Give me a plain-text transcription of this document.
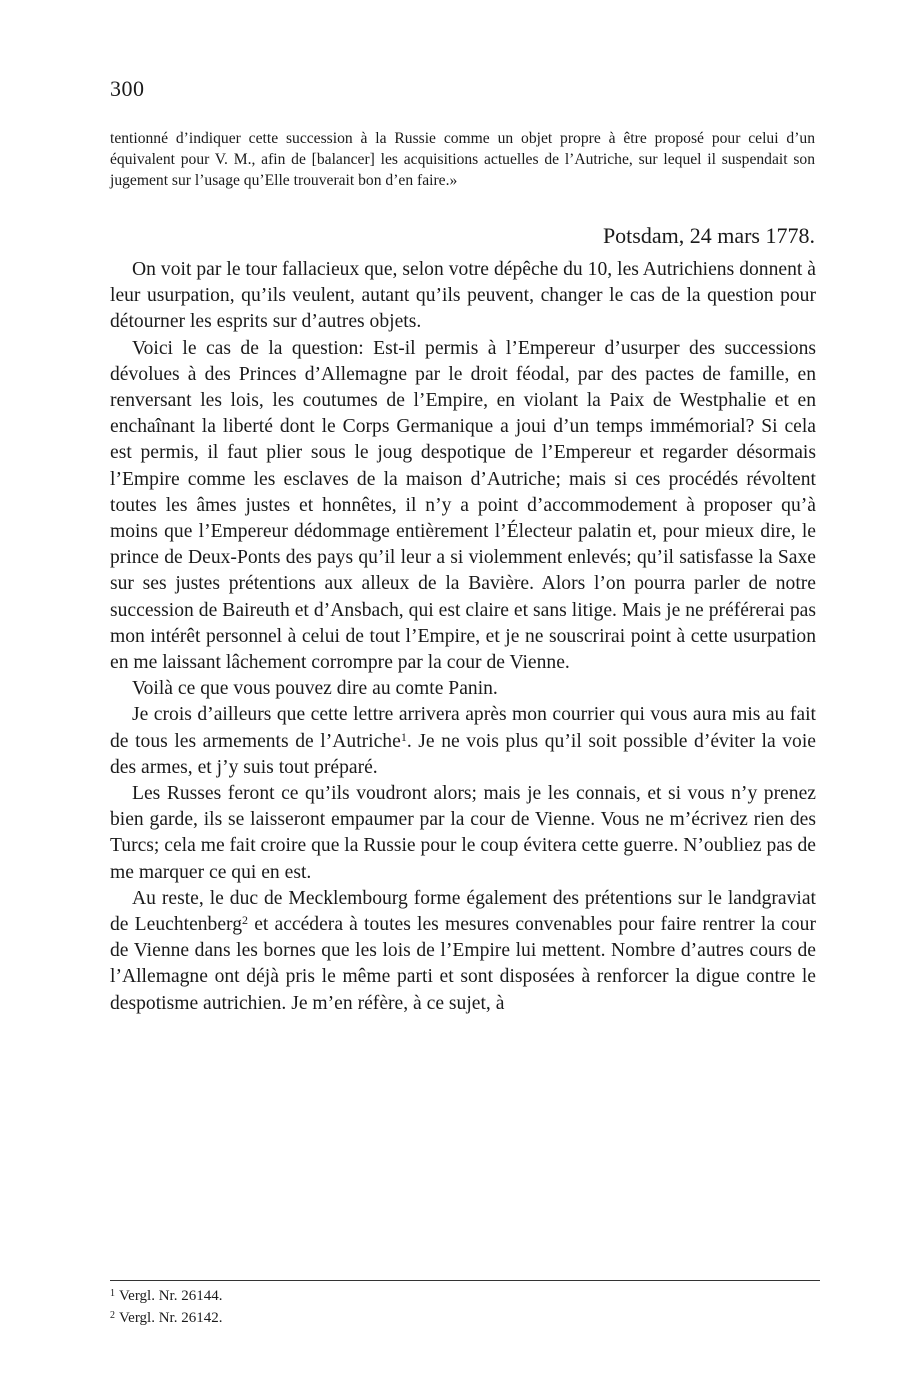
300

tentionné d’indiquer cette succession à la Russie comme un objet propre à être proposé pour celui d’un équivalent pour V. M., afin de [balancer] les acquisitions actuelles de l’Autriche, sur lequel il suspendait son jugement sur l’usage qu’Elle trouverait bon d’en faire.»

Potsdam, 24 mars 1778.

On voit par le tour fallacieux que, selon votre dépêche du 10, les Autrichiens donnent à leur usurpation, qu’ils veulent, autant qu’ils peuvent, changer le cas de la question pour détourner les esprits sur d’autres objets.

Voici le cas de la question: Est-il permis à l’Empereur d’usurper des successions dévolues à des Princes d’Allemagne par le droit féodal, par des pactes de famille, en renversant les lois, les coutumes de l’Empire, en violant la Paix de Westphalie et en enchaînant la liberté dont le Corps Germanique a joui d’un temps immémorial? Si cela est permis, il faut plier sous le joug despotique de l’Empereur et regarder désormais l’Empire comme les esclaves de la maison d’Autriche; mais si ces procédés révoltent toutes les âmes justes et honnêtes, il n’y a point d’accommodement à proposer qu’à moins que l’Empereur dédommage entièrement l’Électeur palatin et, pour mieux dire, le prince de Deux-Ponts des pays qu’il leur a si violemment enlevés; qu’il satisfasse la Saxe sur ses justes prétentions aux alleux de la Bavière. Alors l’on pourra parler de notre succession de Baireuth et d’Ansbach, qui est claire et sans litige. Mais je ne préférerai pas mon intérêt personnel à celui de tout l’Empire, et je ne souscrirai point à cette usurpation en me laissant lâchement corrompre par la cour de Vienne.

Voilà ce que vous pouvez dire au comte Panin.

Je crois d’ailleurs que cette lettre arrivera après mon courrier qui vous aura mis au fait de tous les armements de l’Autriche$^1$. Je ne vois plus qu’il soit possible d’éviter la voie des armes, et j’y suis tout préparé.

Les Russes feront ce qu’ils voudront alors; mais je les connais, et si vous n’y prenez bien garde, ils se laisseront empaumer par la cour de Vienne. Vous ne m’écrivez rien des Turcs; cela me fait croire que la Russie pour le coup évitera cette guerre. N’oubliez pas de me marquer ce qui en est.

Au reste, le duc de Mecklembourg forme également des prétentions sur le landgraviat de Leuchtenberg$^2$ et accédera à toutes les mesures convenables pour faire rentrer la cour de Vienne dans les bornes que les lois de l’Empire lui mettent. Nombre d’autres cours de l’Allemagne ont déjà pris le même parti et sont disposées à renforcer la digue contre le despotisme autrichien. Je m’en réfère, à ce sujet, à

$^1$ Vergl. Nr. 26144.

$^2$ Vergl. Nr. 26142.
